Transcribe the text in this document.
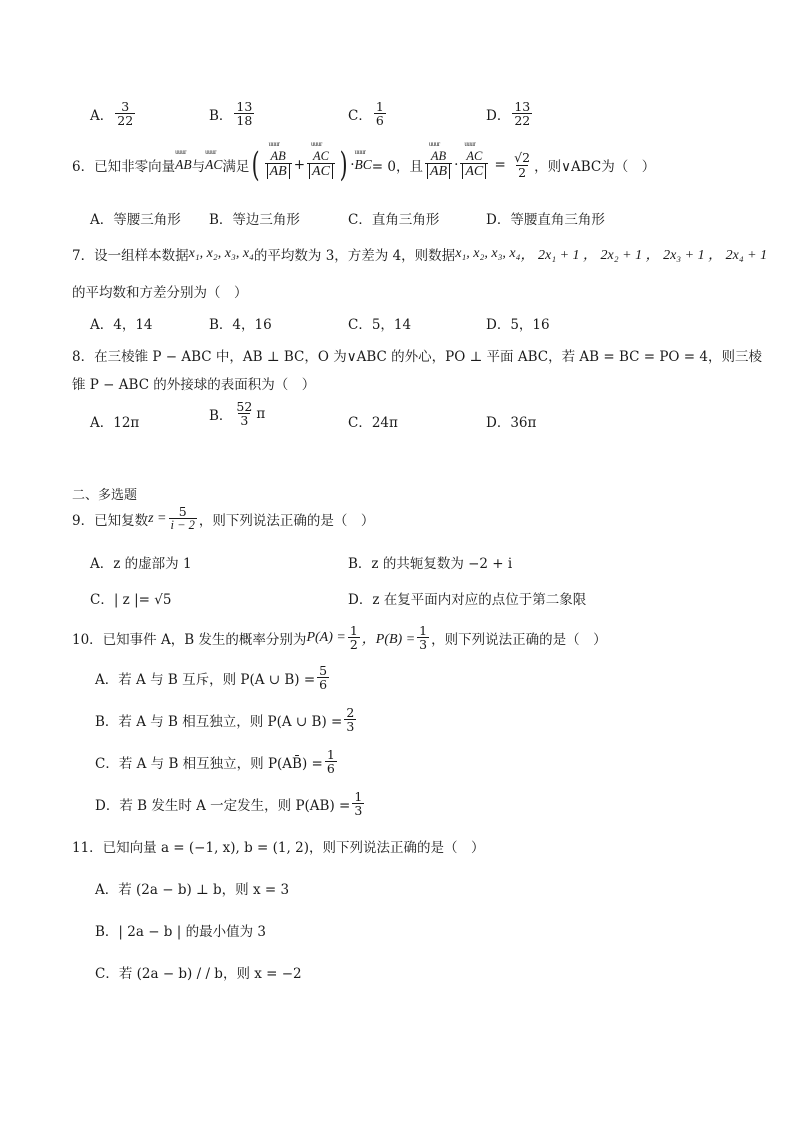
A． $\frac{3}{22}$	B． $\frac{13}{18}$	C． $\frac{1}{6}$	D． $\frac{13}{22}$
6．已知非零向量 uuur AB 与 uuur AC 满足 ( uuur $\frac{AB}{AB}$ + uuur $\frac{AC}{AC}$ ) · uuur BC = 0，且 uuur $\frac{AB}{AB}$ · uuur $\frac{AC}{AC} = \frac{√2}{2}$ ，则∨ABC为（　）
A．等腰三角形 B．等边三角形	C．直角三角形	D．等腰直角三角形
7．设一组样本数据 x₁, x₂, x₃, x₄ 的平均数为 3，方差为 4，则数据 x₁, x₂, x₃, x₄ ， 2x₁ + 1 ， 2x₂ + 1 ， 2x₃ + 1 ， 2x₄ + 1
的平均数和方差分别为（　）
A．4，14	B．4，16	C．5，14	D．5，16
8．在三棱锥 P − ABC 中，AB ⊥ BC，O 为∨ABC 的外心，PO ⊥ 平面 ABC，若 AB = BC = PO = 4，则三棱
锥 P − ABC 的外接球的表面积为（　）
A．12π	B． $\frac{52}{3}$ π
C．24π	D．36π
二、多选题
9．已知复数 $z = \frac{5}{i - 2}$ ，则下列说法正确的是（　）
A．z 的虚部为 1	B．z 的共轭复数为 −2 + i
C．| z |= √5	D．z 在复平面内对应的点位于第二象限
10．已知事件 A，B 发生的概率分别为 $P(A) = \frac{1}{2}$ ，$P(B) = \frac{1}{3}$ ，则下列说法正确的是（　）
A．若 A 与 B 互斥，则 P(A ∪ $B) = \frac{5}{6}$
B．若 A 与 B 相互独立，则 P(A ∪ $B) = \frac{2}{3}$
C．若 A 与 B 相互独立，则 P(AB̄) = $\frac{1}{6}$
D．若 B 发生时 A 一定发生，则 $P(AB) = \frac{1}{3}$
11．已知向量 a = (−1, x), b = (1, 2)，则下列说法正确的是（　）
A．若 (2a − b) ⊥ b，则 x = 3
B．| 2a − b | 的最小值为 3
C．若 (2a − b) / / b，则 x = −2
